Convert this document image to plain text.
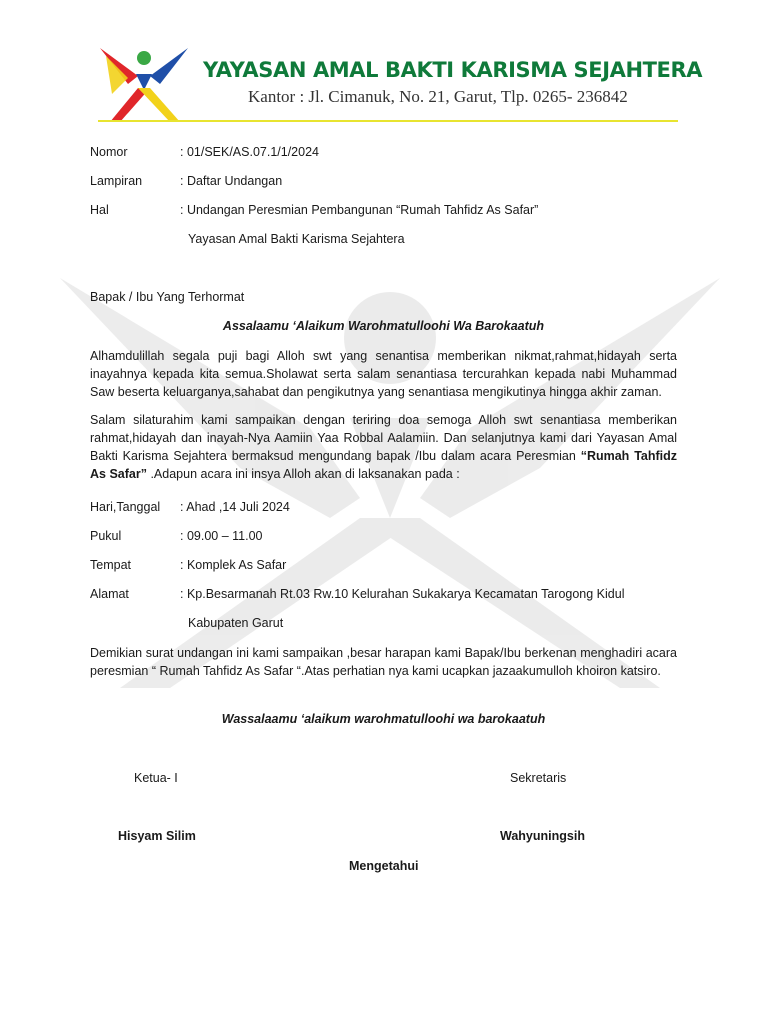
YAYASAN AMAL BAKTI KARISMA SEJAHTERA
Kantor : Jl. Cimanuk, No. 21, Garut, Tlp. 0265- 236842
Nomor	: 01/SEK/AS.07.1/1/2024
Lampiran	: Daftar Undangan
Hal	: Undangan Peresmian Pembangunan “Rumah Tahfidz As Safar”
Yayasan Amal Bakti Karisma Sejahtera
Bapak / Ibu Yang Terhormat
Assalaamu ‘Alaikum Warohmatulloohi Wa Barokaatuh

Alhamdulillah segala puji bagi Alloh swt yang senantisa memberikan nikmat,rahmat,hidayah serta inayahnya kepada kita semua.Sholawat serta salam senantiasa tercurahkan kepada nabi Muhammad Saw beserta keluarganya,sahabat dan pengikutnya yang senantiasa mengikutinya hingga akhir zaman.

Salam silaturahim kami sampaikan dengan teriring doa semoga Alloh swt senantiasa memberikan rahmat,hidayah dan inayah-Nya Aamiin Yaa Robbal Aalamiin. Dan selanjutnya kami dari Yayasan Amal Bakti Karisma Sejahtera bermaksud mengundang bapak /Ibu dalam acara Peresmian “Rumah Tahfidz As Safar” .Adapun acara ini insya Alloh akan di laksanakan pada :

Hari,Tanggal : Ahad ,14 Juli 2024
Pukul	: 09.00 – 11.00
Tempat	: Komplek As Safar
Alamat	: Kp.Besarmanah Rt.03 Rw.10 Kelurahan Sukakarya Kecamatan Tarogong Kidul
Kabupaten Garut

Demikian surat undangan ini kami sampaikan ,besar harapan kami Bapak/Ibu berkenan menghadiri acara peresmian “ Rumah Tahfidz As Safar “.Atas perhatian nya kami ucapkan jazaakumulloh khoiron katsiro.

Wassalaamu ‘alaikum warohmatulloohi wa barokaatuh
Ketua- I	Sekretaris
Hisyam Silim	Wahyuningsih
Mengetahui
